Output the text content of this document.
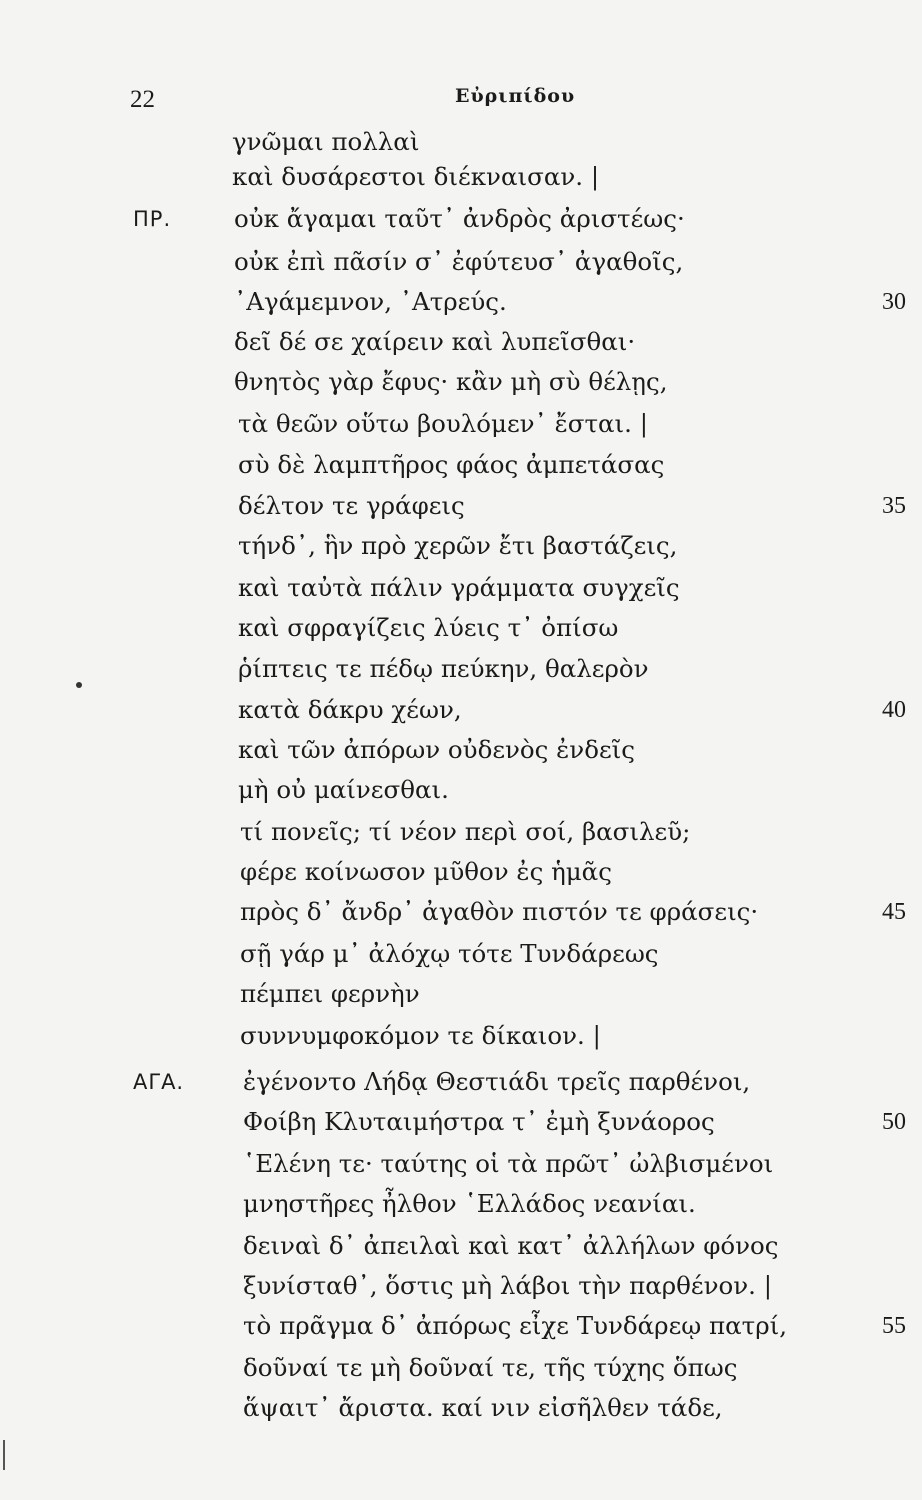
22	Εὐριπίδου
γνῶμαι πολλαὶ
καὶ δυσάρεστοι διέκναισαν. |
ΠΡ.	οὐκ ἄγαμαι ταῦτ᾽ ἀνδρὸς ἀριστέως·
οὐκ ἐπὶ πᾶσίν σ᾽ ἐφύτευσ᾽ ἀγαθοῖς,
᾽Αγάμεμνον, ᾽Ατρεύς.	30
δεῖ δέ σε χαίρειν καὶ λυπεῖσθαι·
θνητὸς γὰρ ἔφυς· κἂν μὴ σὺ θέλῃς,
τὰ θεῶν οὕτω βουλόμεν᾽ ἔσται. |
σὺ δὲ λαμπτῆρος φάος ἀμπετάσας
δέλτον τε γράφεις	35
τήνδ᾽, ἣν πρὸ χερῶν ἔτι βαστάζεις,
καὶ ταὐτὰ πάλιν γράμματα συγχεῖς
καὶ σφραγίζεις λύεις τ᾽ ὀπίσω
ῥίπτεις τε πέδῳ πεύκην, θαλερὸν
κατὰ δάκρυ χέων,	40
καὶ τῶν ἀπόρων οὐδενὸς ἐνδεῖς
μὴ οὐ μαίνεσθαι.
τί πονεῖς; τί νέον περὶ σοί, βασιλεῦ;
φέρε κοίνωσον μῦθον ἐς ἡμᾶς
πρὸς δ᾽ ἄνδρ᾽ ἀγαθὸν πιστόν τε φράσεις·	45
σῇ γάρ μ᾽ ἀλόχῳ τότε Τυνδάρεως
πέμπει φερνὴν
συννυμφοκόμον τε δίκαιον. |
ΑΓΑ. ἐγένοντο Λήδᾳ Θεστιάδι τρεῖς παρθένοι,
Φοίβη Κλυταιμήστρα τ᾽ ἐμὴ ξυνάορος	50
῾Ελένη τε· ταύτης οἱ τὰ πρῶτ᾽ ὠλβισμένοι
μνηστῆρες ἦλθον ῾Ελλάδος νεανίαι.
δειναὶ δ᾽ ἀπειλαὶ καὶ κατ᾽ ἀλλήλων φόνος
ξυνίσταθ᾽, ὅστις μὴ λάβοι τὴν παρθένον. |
τὸ πρᾶγμα δ᾽ ἀπόρως εἶχε Τυνδάρεῳ πατρί,	55
δοῦναί τε μὴ δοῦναί τε, τῆς τύχης ὅπως
ἅψαιτ᾽ ἄριστα. καί νιν εἰσῆλθεν τάδε,
